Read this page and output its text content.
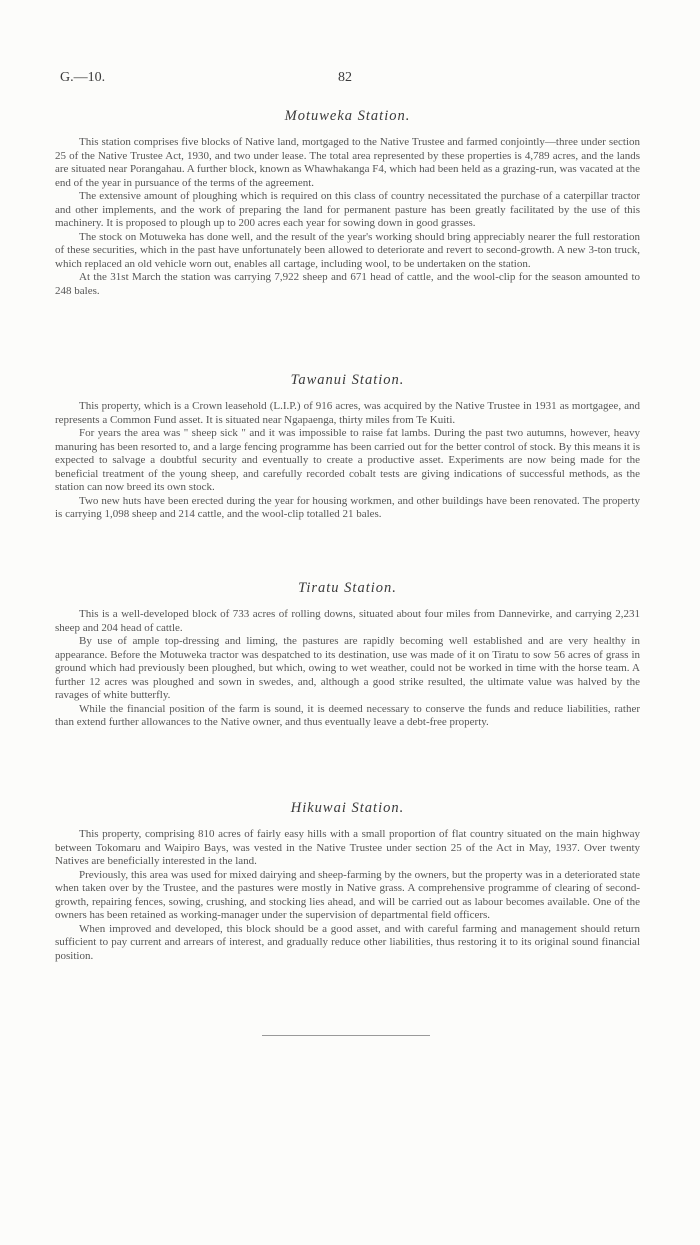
G.—10.	82
Motuweka Station.

This station comprises five blocks of Native land, mortgaged to the Native Trustee and farmed conjointly—three under section 25 of the Native Trustee Act, 1930, and two under lease. The total area represented by these properties is 4,789 acres, and the lands are situated near Porangahau. A further block, known as Whawhakanga F4, which had been held as a grazing-run, was vacated at the end of the year in pursuance of the terms of the agreement.

The extensive amount of ploughing which is required on this class of country necessitated the purchase of a caterpillar tractor and other implements, and the work of preparing the land for permanent pasture has been greatly facilitated by the use of this machinery. It is proposed to plough up to 200 acres each year for sowing down in good grasses.

The stock on Motuweka has done well, and the result of the year's working should bring appreciably nearer the full restoration of these securities, which in the past have unfortunately been allowed to deteriorate and revert to second-growth. A new 3-ton truck, which replaced an old vehicle worn out, enables all cartage, including wool, to be undertaken on the station.

At the 31st March the station was carrying 7,922 sheep and 671 head of cattle, and the wool-clip for the season amounted to 248 bales.

Tawanui Station.

This property, which is a Crown leasehold (L.I.P.) of 916 acres, was acquired by the Native Trustee in 1931 as mortgagee, and represents a Common Fund asset. It is situated near Ngapaenga, thirty miles from Te Kuiti.

For years the area was " sheep sick " and it was impossible to raise fat lambs. During the past two autumns, however, heavy manuring has been resorted to, and a large fencing programme has been carried out for the better control of stock. By this means it is expected to salvage a doubtful security and eventually to create a productive asset. Experiments are now being made for the beneficial treatment of the young sheep, and carefully recorded cobalt tests are giving indications of successful methods, as the station can now breed its own stock.

Two new huts have been erected during the year for housing workmen, and other buildings have been renovated. The property is carrying 1,098 sheep and 214 cattle, and the wool-clip totalled 21 bales.

Tiratu Station.

This is a well-developed block of 733 acres of rolling downs, situated about four miles from Dannevirke, and carrying 2,231 sheep and 204 head of cattle.

By use of ample top-dressing and liming, the pastures are rapidly becoming well established and are very healthy in appearance. Before the Motuweka tractor was despatched to its destination, use was made of it on Tiratu to sow 56 acres of grass in ground which had previously been ploughed, but which, owing to wet weather, could not be worked in time with the horse team. A further 12 acres was ploughed and sown in swedes, and, although a good strike resulted, the ultimate value was halved by the ravages of white butterfly.

While the financial position of the farm is sound, it is deemed necessary to conserve the funds and reduce liabilities, rather than extend further allowances to the Native owner, and thus eventually leave a debt-free property.

Hikuwai Station.

This property, comprising 810 acres of fairly easy hills with a small proportion of flat country situated on the main highway between Tokomaru and Waipiro Bays, was vested in the Native Trustee under section 25 of the Act in May, 1937. Over twenty Natives are beneficially interested in the land.

Previously, this area was used for mixed dairying and sheep-farming by the owners, but the property was in a deteriorated state when taken over by the Trustee, and the pastures were mostly in Native grass. A comprehensive programme of clearing of second-growth, repairing fences, sowing, crushing, and stocking lies ahead, and will be carried out as labour becomes available. One of the owners has been retained as working-manager under the supervision of departmental field officers.

When improved and developed, this block should be a good asset, and with careful farming and management should return sufficient to pay current and arrears of interest, and gradually reduce other liabilities, thus restoring it to its original sound financial position.
